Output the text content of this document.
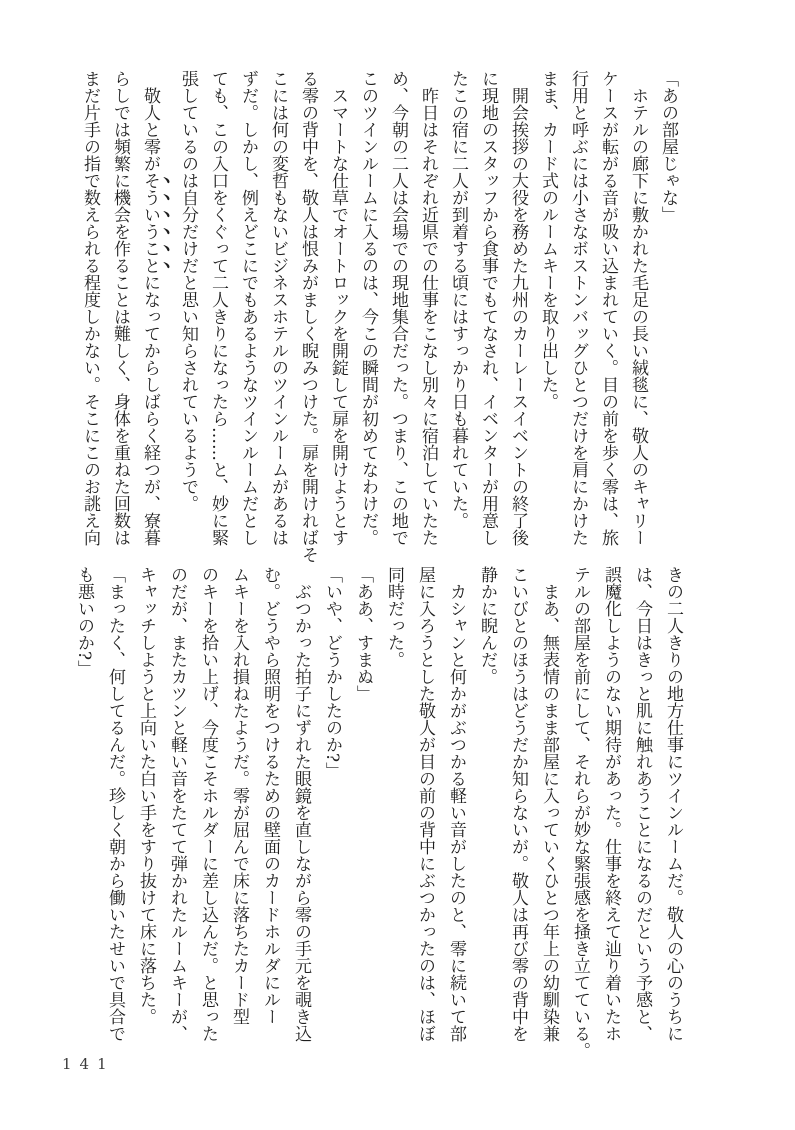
「あの部屋じゃな」
ホテルの廊下に敷かれた毛足の長い絨毯に、敬人のキャリー
ケースが転がる音が吸い込まれていく。目の前を歩く零は、旅
行用と呼ぶには小さなボストンバッグひとつだけを肩にかけた
まま、カード式のルームキーを取り出した。
開会挨拶の大役を務めた九州のカーレースイベントの終了後
に現地のスタッフから食事でもてなされ、イベンターが用意し
たこの宿に二人が到着する頃にはすっかり日も暮れていた。
昨日はそれぞれ近県での仕事をこなし別々に宿泊していたた
め、今朝の二人は会場での現地集合だった。つまり、この地で
このツインルームに入るのは、今この瞬間が初めてなわけだ。
スマートな仕草でオートロックを開錠して扉を開けようとす
る零の背中を、敬人は恨みがましく睨みつけた。扉を開ければそ
こには何の変哲もないビジネスホテルのツインルームがあるは
ずだ。しかし、例えどこにでもあるようなツインルームだとし
ても、この入口をくぐって二人きりになったら……と、妙に緊
張しているのは自分だけだと思い知らされているようで。
敬人と零がそういうことになってからしばらく経つが、寮暮
らしでは頻繁に機会を作ることは難しく、身体を重ねた回数は
まだ片手の指で数えられる程度しかない。そこにこのお誂え向
きの二人きりの地方仕事にツインルームだ。敬人の心のうちに
は、今日はきっと肌に触れあうことになるのだという予感と、
誤魔化しようのない期待があった。仕事を終えて辿り着いたホ
テルの部屋を前にして、それらが妙な緊張感を掻き立てている。
まあ、無表情のまま部屋に入っていくひとつ年上の幼馴染兼
こいびとのほうはどうだか知らないが。敬人は再び零の背中を
静かに睨んだ。
カシャンと何かがぶつかる軽い音がしたのと、零に続いて部
屋に入ろうとした敬人が目の前の背中にぶつかったのは、ほぼ
同時だった。
「ああ、すまぬ」
「いや、どうかしたのか?」
ぶつかった拍子にずれた眼鏡を直しながら零の手元を覗き込
む。どうやら照明をつけるための壁面のカードホルダにルー
ムキーを入れ損ねたようだ。零が屈んで床に落ちたカード型
のキーを拾い上げ、今度こそホルダーに差し込んだ。と思った
のだが、またカツンと軽い音をたてて弾かれたルームキーが、
キャッチしようと上向いた白い手をすり抜けて床に落ちた。
「まったく、何してるんだ。珍しく朝から働いたせいで具合で
も悪いのか?」
141
